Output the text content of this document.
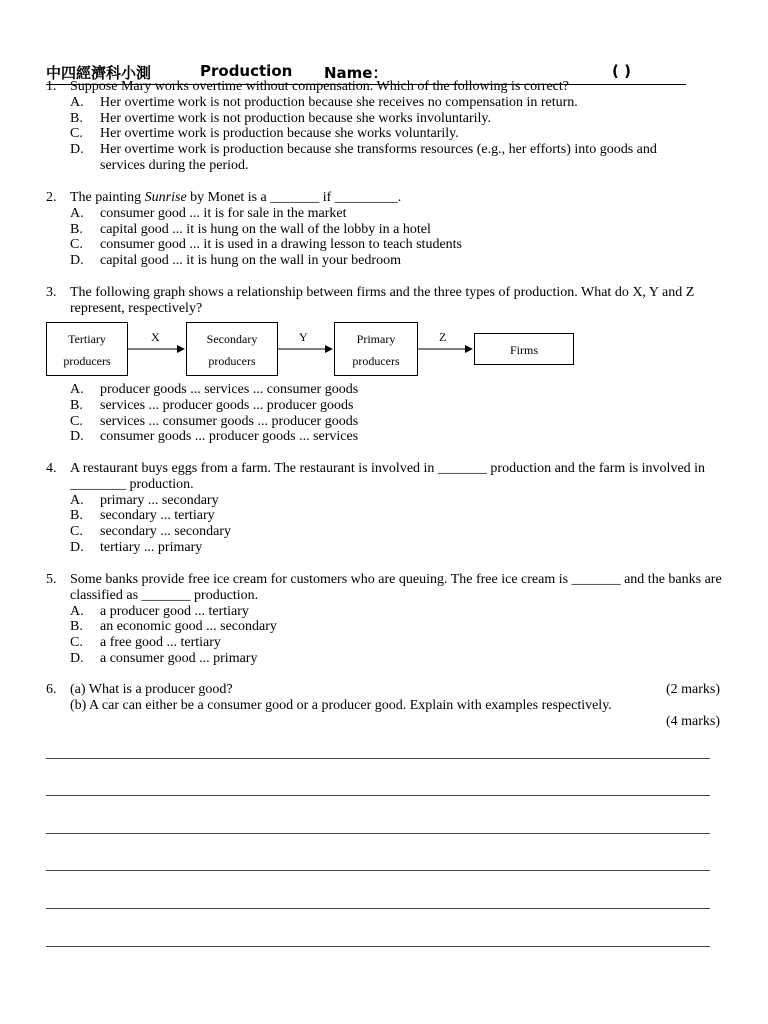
中四經濟科小測	Production Name：	( )
1. Suppose Mary works overtime without compensation. Which of the following is correct?
A.	Her overtime work is not production because she receives no compensation in return.
B.	Her overtime work is not production because she works involuntarily.
C.	Her overtime work is production because she works voluntarily.
D.	Her overtime work is production because she transforms resources (e.g., her efforts) into goods and services during the period.
2. The painting Sunrise by Monet is a _______ if _________.
A.	consumer good ... it is for sale in the market
B.	capital good ... it is hung on the wall of the lobby in a hotel
C.	consumer good ... it is used in a drawing lesson to teach students
D.	capital good ... it is hung on the wall in your bedroom
3. The following graph shows a relationship between firms and the three types of production. What do X, Y and Z represent, respectively?
Tertiary
producers
Secondary
producers
Primary
producers
Firms
X	Y	Z
A.	producer goods ... services ... consumer goods
B.	services ... producer goods ... producer goods
C.	services ... consumer goods ... producer goods
D.	consumer goods ... producer goods ... services
4. A restaurant buys eggs from a farm. The restaurant is involved in _______ production and the farm is involved in ________ production.
A.	primary ... secondary
B.	secondary ... tertiary
C.	secondary ... secondary
D.	tertiary ... primary
5. Some banks provide free ice cream for customers who are queuing. The free ice cream is _______ and the banks are classified as _______ production.
A.	a producer good ... tertiary
B.	an economic good ... secondary
C.	a free good ... tertiary
D.	a consumer good ... primary
6. (a) What is a producer good?	(2 marks)
(b) A car can either be a consumer good or a producer good. Explain with examples respectively.
(4 marks)
